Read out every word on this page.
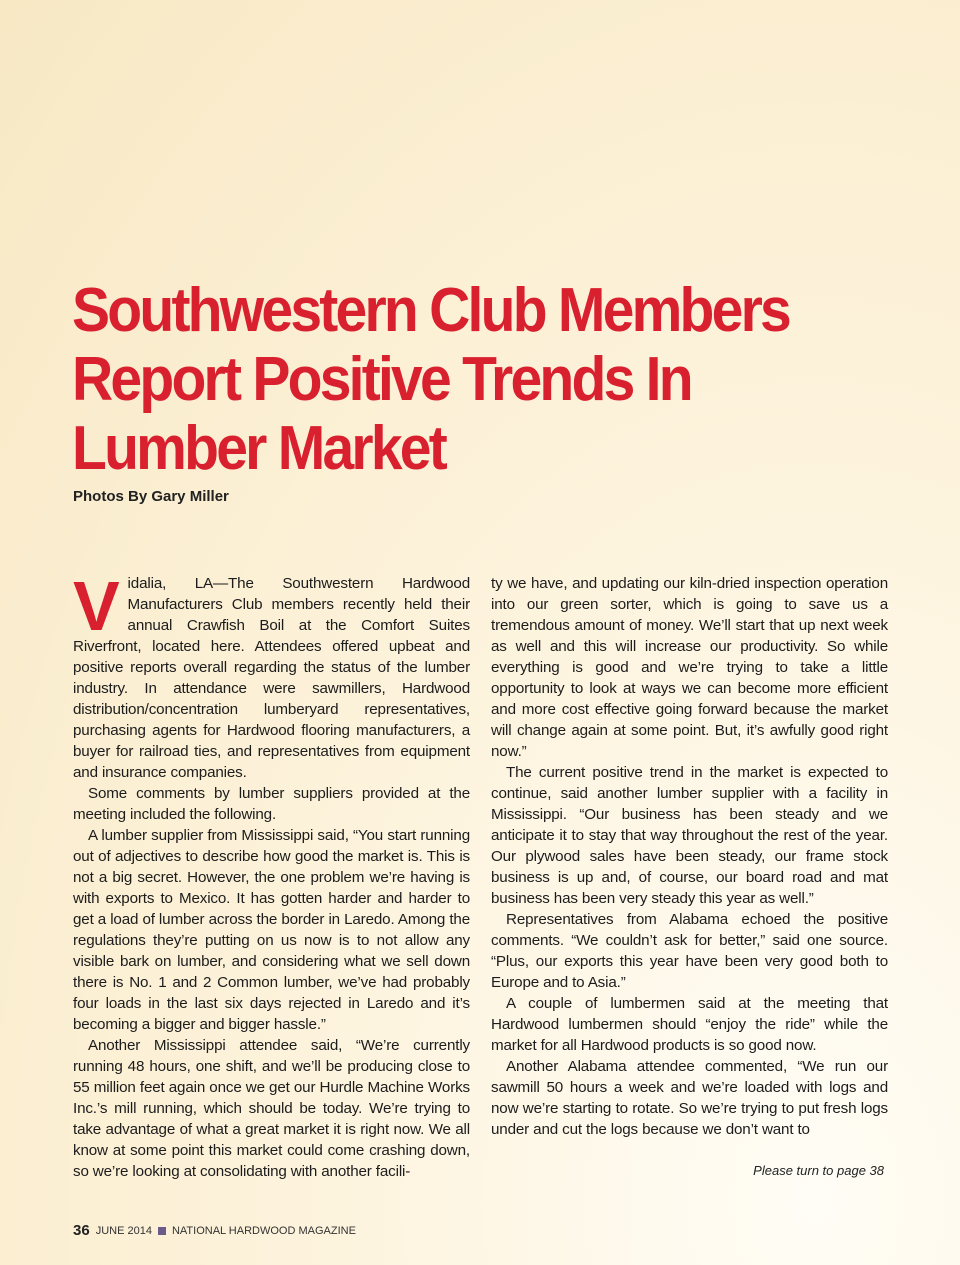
Southwestern Club Members
Report Positive Trends In
Lumber Market

Photos By Gary Miller

Vidalia, LA—The Southwestern Hardwood Manufacturers Club members recently held their annual Crawfish Boil at the Comfort Suites Riverfront, located here. Attendees offered upbeat and positive reports overall regarding the status of the lumber industry. In attendance were sawmillers, Hardwood distribution/concentration lumberyard representatives, purchasing agents for Hardwood flooring manufacturers, a buyer for railroad ties, and representatives from equipment and insurance companies.

Some comments by lumber suppliers provided at the meeting included the following.

A lumber supplier from Mississippi said, “You start running out of adjectives to describe how good the market is. This is not a big secret. However, the one problem we’re having is with exports to Mexico. It has gotten harder and harder to get a load of lumber across the border in Laredo. Among the regulations they’re putting on us now is to not allow any visible bark on lumber, and considering what we sell down there is No. 1 and 2 Common lumber, we’ve had probably four loads in the last six days rejected in Laredo and it’s becoming a bigger and bigger hassle.”

Another Mississippi attendee said, “We’re currently running 48 hours, one shift, and we’ll be producing close to 55 million feet again once we get our Hurdle Machine Works Inc.’s mill running, which should be today. We’re trying to take advantage of what a great market it is right now. We all know at some point this market could come crashing down, so we’re looking at consolidating with another facili-

ty we have, and updating our kiln-dried inspection operation into our green sorter, which is going to save us a tremendous amount of money. We’ll start that up next week as well and this will increase our productivity. So while everything is good and we’re trying to take a little opportunity to look at ways we can become more efficient and more cost effective going forward because the market will change again at some point. But, it’s awfully good right now.”

The current positive trend in the market is expected to continue, said another lumber supplier with a facility in Mississippi. “Our business has been steady and we anticipate it to stay that way throughout the rest of the year. Our plywood sales have been steady, our frame stock business is up and, of course, our board road and mat business has been very steady this year as well.”

Representatives from Alabama echoed the positive comments. “We couldn’t ask for better,” said one source. “Plus, our exports this year have been very good both to Europe and to Asia.”

A couple of lumbermen said at the meeting that Hardwood lumbermen should “enjoy the ride” while the market for all Hardwood products is so good now.

Another Alabama attendee commented, “We run our sawmill 50 hours a week and we’re loaded with logs and now we’re starting to rotate. So we’re trying to put fresh logs under and cut the logs because we don’t want to

Please turn to page 38
36 JUNE 2014 NATIONAL HARDWOOD MAGAZINE
